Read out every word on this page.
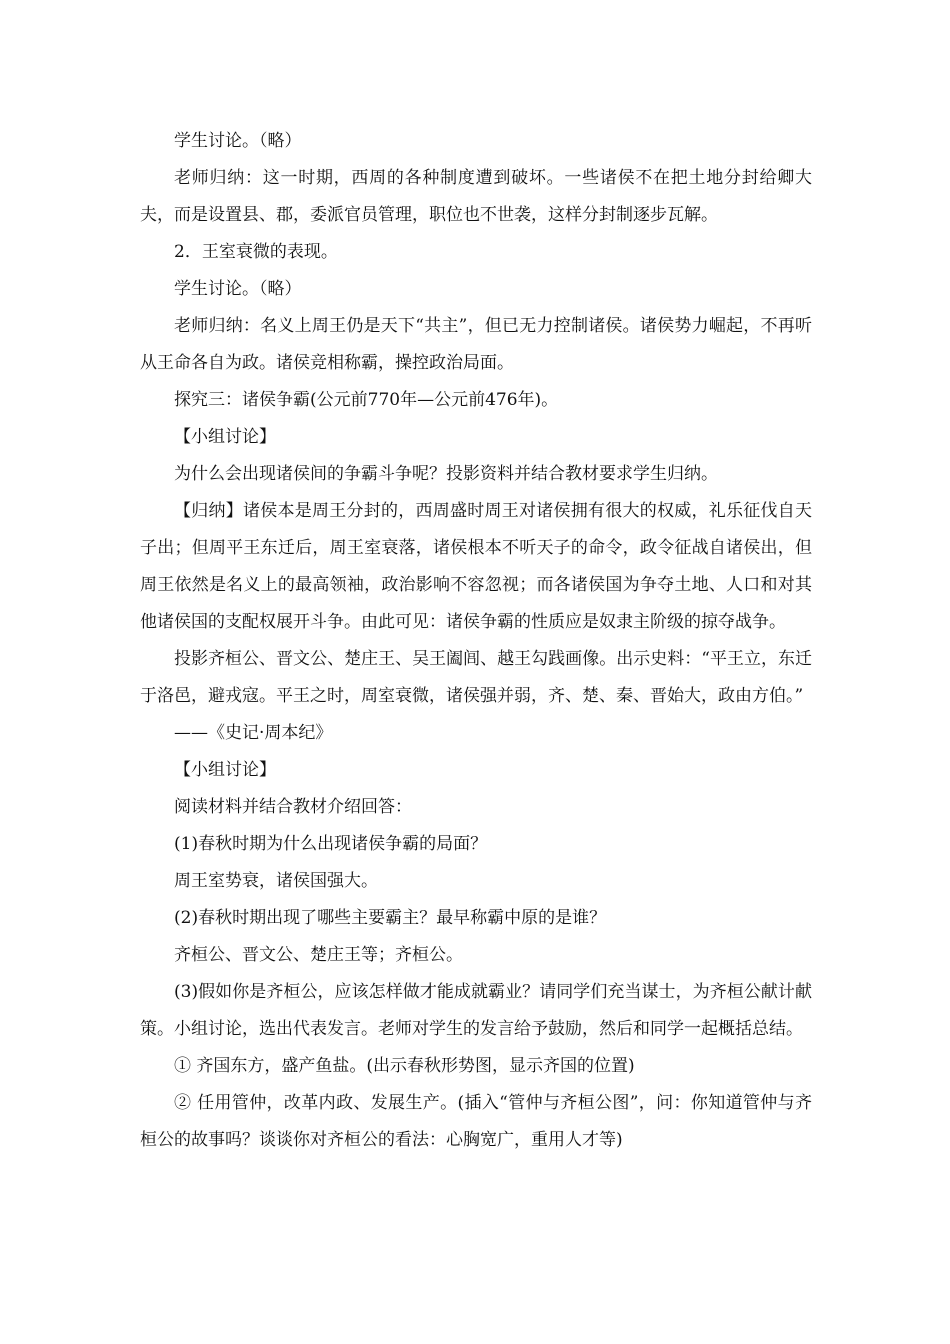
学生讨论。（略）

老师归纳：这一时期，西周的各种制度遭到破坏。一些诸侯不在把土地分封给卿大夫，而是设置县、郡，委派官员管理，职位也不世袭，这样分封制逐步瓦解。

2．王室衰微的表现。

学生讨论。（略）

老师归纳：名义上周王仍是天下“共主”，但已无力控制诸侯。诸侯势力崛起，不再听从王命各自为政。诸侯竞相称霸，操控政治局面。

探究三：诸侯争霸(公元前770年—公元前476年)。

【小组讨论】

为什么会出现诸侯间的争霸斗争呢？投影资料并结合教材要求学生归纳。

【归纳】诸侯本是周王分封的，西周盛时周王对诸侯拥有很大的权威，礼乐征伐自天子出；但周平王东迁后，周王室衰落，诸侯根本不听天子的命令，政令征战自诸侯出，但周王依然是名义上的最高领袖，政治影响不容忽视；而各诸侯国为争夺土地、人口和对其他诸侯国的支配权展开斗争。由此可见：诸侯争霸的性质应是奴隶主阶级的掠夺战争。

投影齐桓公、晋文公、楚庄王、吴王阖闾、越王勾践画像。出示史料：“平王立，东迁于洛邑，避戎寇。平王之时，周室衰微，诸侯强并弱，齐、楚、秦、晋始大，政由方伯。”

——《史记·周本纪》

【小组讨论】

阅读材料并结合教材介绍回答：

(1)春秋时期为什么出现诸侯争霸的局面？

周王室势衰，诸侯国强大。

(2)春秋时期出现了哪些主要霸主？最早称霸中原的是谁？

齐桓公、晋文公、楚庄王等；齐桓公。

(3)假如你是齐桓公，应该怎样做才能成就霸业？请同学们充当谋士，为齐桓公献计献策。小组讨论，选出代表发言。老师对学生的发言给予鼓励，然后和同学一起概括总结。

① 齐国东方，盛产鱼盐。(出示春秋形势图，显示齐国的位置)

② 任用管仲，改革内政、发展生产。(插入“管仲与齐桓公图”，问：你知道管仲与齐桓公的故事吗？谈谈你对齐桓公的看法：心胸宽广，重用人才等)
